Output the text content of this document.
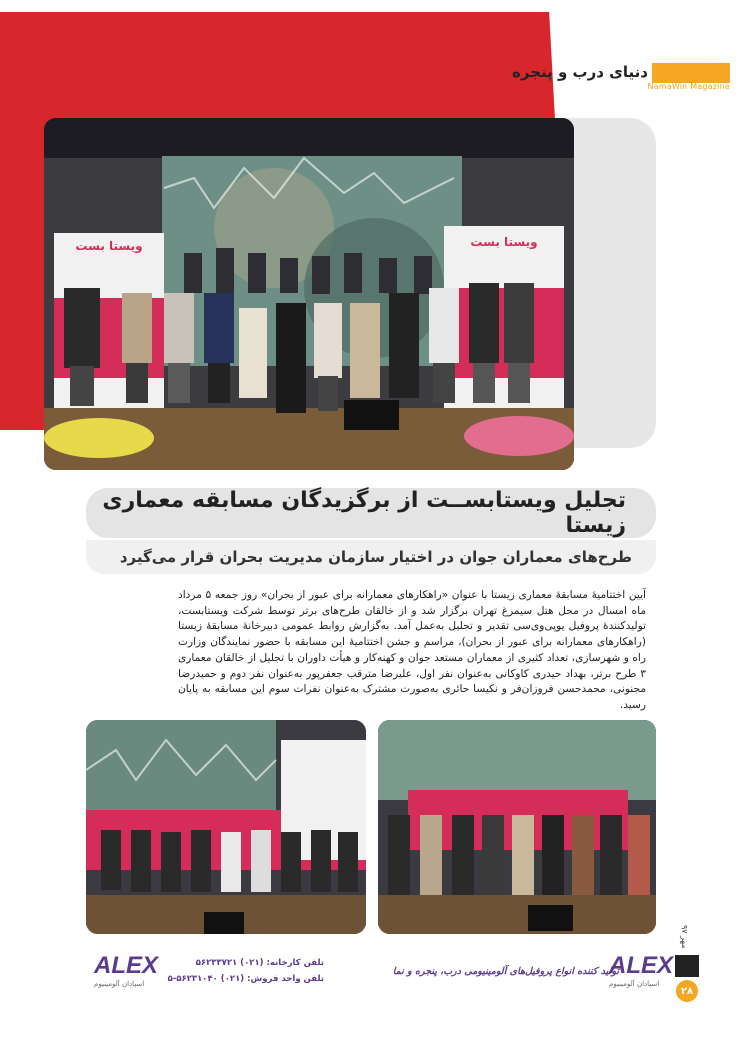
دنیای درب و پنجره
NamaWin Magazine
ویستا بست	ویستا بست
تجلیل ویستابســت از برگزیدگان مسابقه معماری زیستا
طرح‌های معماران جوان در اختیار سازمان مدیریت بحران قرار می‌گیرد
آیین اختتامیهٔ مسابقهٔ معماری زیستا با عنوان «راهکارهای معمارانه برای عبور از بحران» روز جمعه ۵ مرداد ماه امسال در محل هتل سیمرغ تهران برگزار شد و از خالقان طرح‌های برتر توسط شرکت ویستابست، تولیدکنندهٔ پروفیل یوپی‌وی‌سی تقدیر و تجلیل به‌عمل آمد. به‌گزارش روابط عمومی دبیرخانهٔ مسابقهٔ زیستا (راهکارهای معمارانه برای عبور از بحران)، مراسم و جشن اختتامیهٔ این مسابقه با حضور نمایندگان وزارت راه و شهرسازی، تعداد کثیری از معماران مستعد جوان و کهنه‌کار و هیأت داوران با تجلیل از خالقان معماری ۳ طرح برتر، بهداد حیدری کاوکانی به‌عنوان نفر اول، علیرضا مترقب جعفرپور به‌عنوان نفر دوم و حمیدرضا مجنونی، محمدحسن فروزان‌فر و نکیسا حائری به‌صورت مشترک به‌عنوان نفرات سوم این مسابقه به پایان رسید.
ALEX
اسپادان آلومینیوم
تلفن کارخانه: (۰۲۱) ۵۶۲۳۳۷۲۱
تلفن واحد فروش: (۰۲۱) ۵۶۲۳۱۰۴۰-۵
تولید کننده انواع پروفیل‌های آلومینیومی درب، پنجره و نما
ALEX
اسپادان آلومینیوم
مهر ۹۷
۲۸
